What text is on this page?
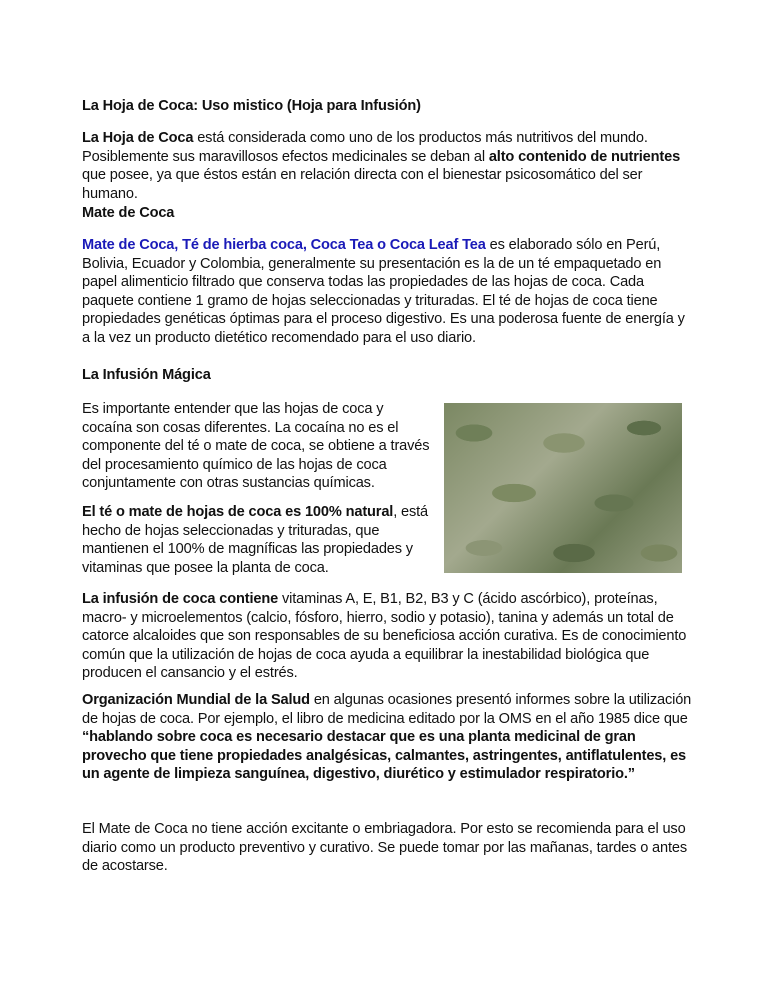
La Hoja de Coca: Uso mistico (Hoja para Infusión)

La Hoja de Coca está considerada como uno de los productos más nutritivos del mundo. Posiblemente sus maravillosos efectos medicinales se deban al alto contenido de nutrientes que posee, ya que éstos están en relación directa con el bienestar psicosomático del ser humano.

Mate de Coca

Mate de Coca, Té de hierba coca, Coca Tea o Coca Leaf Tea es elaborado sólo en Perú, Bolivia, Ecuador y Colombia, generalmente su presentación es la de un té empaquetado en papel alimenticio filtrado que conserva todas las propiedades de las hojas de coca. Cada paquete contiene 1 gramo de hojas seleccionadas y trituradas. El té de hojas de coca tiene propiedades genéticas óptimas para el proceso digestivo. Es una poderosa fuente de energía y a la vez un producto dietético recomendado para el uso diario.

La Infusión Mágica

Es importante entender que las hojas de coca y cocaína son cosas diferentes. La cocaína no es el componente del té o mate de coca, se obtiene a través del procesamiento químico de las hojas de coca conjuntamente con otras sustancias químicas.

El té o mate de hojas de coca es 100% natural, está hecho de hojas seleccionadas y trituradas, que mantienen el 100% de magníficas las propiedades y vitaminas que posee la planta de coca.

La infusión de coca contiene vitaminas A, E, B1, B2, B3 y C (ácido ascórbico), proteínas, macro- y microelementos (calcio, fósforo, hierro, sodio y potasio), tanina y además un total de catorce alcaloides que son responsables de su beneficiosa acción curativa. Es de conocimiento común que la utilización de hojas de coca ayuda a equilibrar la inestabilidad biológica que producen el cansancio y el estrés.

Organización Mundial de la Salud en algunas ocasiones presentó informes sobre la utilización de hojas de coca. Por ejemplo, el libro de medicina editado por la OMS en el año 1985 dice que “hablando sobre coca es necesario destacar que es una planta medicinal de gran provecho que tiene propiedades analgésicas, calmantes, astringentes, antiflatulentes, es un agente de limpieza sanguínea, digestivo, diurético y estimulador respiratorio.”

El Mate de Coca no tiene acción excitante o embriagadora. Por esto se recomienda para el uso diario como un producto preventivo y curativo. Se puede tomar por las mañanas, tardes o antes de acostarse.
